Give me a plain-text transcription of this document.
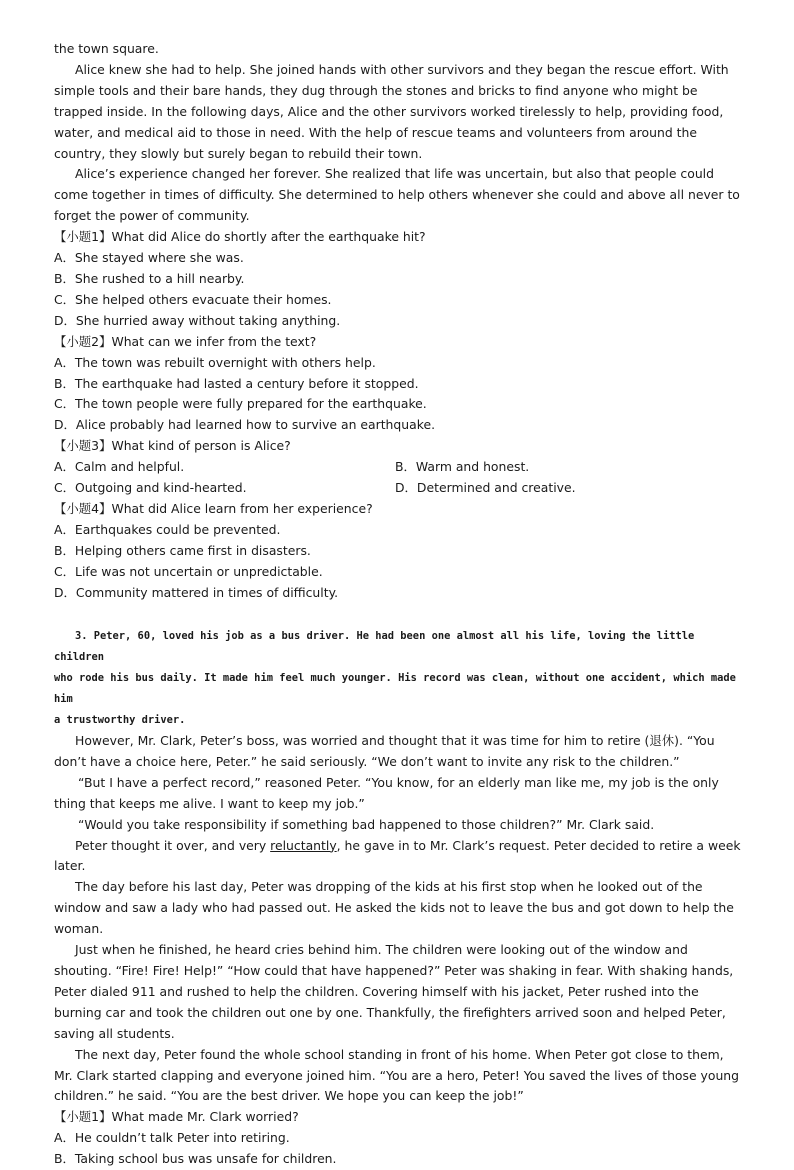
the town square.

Alice knew she had to help. She joined hands with other survivors and they began the rescue effort. With simple tools and their bare hands, they dug through the stones and bricks to find anyone who might be trapped inside. In the following days, Alice and the other survivors worked tirelessly to help, providing food, water, and medical aid to those in need. With the help of rescue teams and volunteers from around the country, they slowly but surely began to rebuild their town.

Alice’s experience changed her forever. She realized that life was uncertain, but also that people could come together in times of difficulty. She determined to help others whenever she could and above all never to forget the power of community.

【小题1】What did Alice do shortly after the earthquake hit?

A．She stayed where she was.

B．She rushed to a hill nearby.

C．She helped others evacuate their homes.

D．She hurried away without taking anything.

【小题2】What can we infer from the text?

A．The town was rebuilt overnight with others help.

B．The earthquake had lasted a century before it stopped.

C．The town people were fully prepared for the earthquake.

D．Alice probably had learned how to survive an earthquake.

【小题3】What kind of person is Alice?

A．Calm and helpful.	B．Warm and honest.
C．Outgoing and kind-hearted.	D．Determined and creative.

【小题4】What did Alice learn from her experience?

A．Earthquakes could be prevented.

B．Helping others came first in disasters.

C．Life was not uncertain or unpredictable.

D．Community mattered in times of difficulty.

3. Peter, 60, loved his job as a bus driver. He had been one almost all his life, loving the little children

who rode his bus daily. It made him feel much younger. His record was clean, without one accident, which made him

a trustworthy driver.

However, Mr. Clark, Peter’s boss, was worried and thought that it was time for him to retire (退休). “You don’t have a choice here, Peter.” he said seriously. “We don’t want to invite any risk to the children.”

“But I have a perfect record,” reasoned Peter. “You know, for an elderly man like me, my job is the only thing that keeps me alive. I want to keep my job.”

“Would you take responsibility if something bad happened to those children?” Mr. Clark said.

Peter thought it over, and very reluctantly, he gave in to Mr. Clark’s request. Peter decided to retire a week later.

The day before his last day, Peter was dropping of the kids at his first stop when he looked out of the window and saw a lady who had passed out. He asked the kids not to leave the bus and got down to help the woman.

Just when he finished, he heard cries behind him. The children were looking out of the window and shouting. “Fire! Fire! Help!” “How could that have happened?” Peter was shaking in fear. With shaking hands, Peter dialed 911 and rushed to help the children. Covering himself with his jacket, Peter rushed into the burning car and took the children out one by one. Thankfully, the firefighters arrived soon and helped Peter, saving all students.

The next day, Peter found the whole school standing in front of his home. When Peter got close to them, Mr. Clark started clapping and everyone joined him. “You are a hero, Peter! You saved the lives of those young children.” he said. “You are the best driver. We hope you can keep the job!”

【小题1】What made Mr. Clark worried?

A．He couldn’t talk Peter into retiring.

B．Taking school bus was unsafe for children.
